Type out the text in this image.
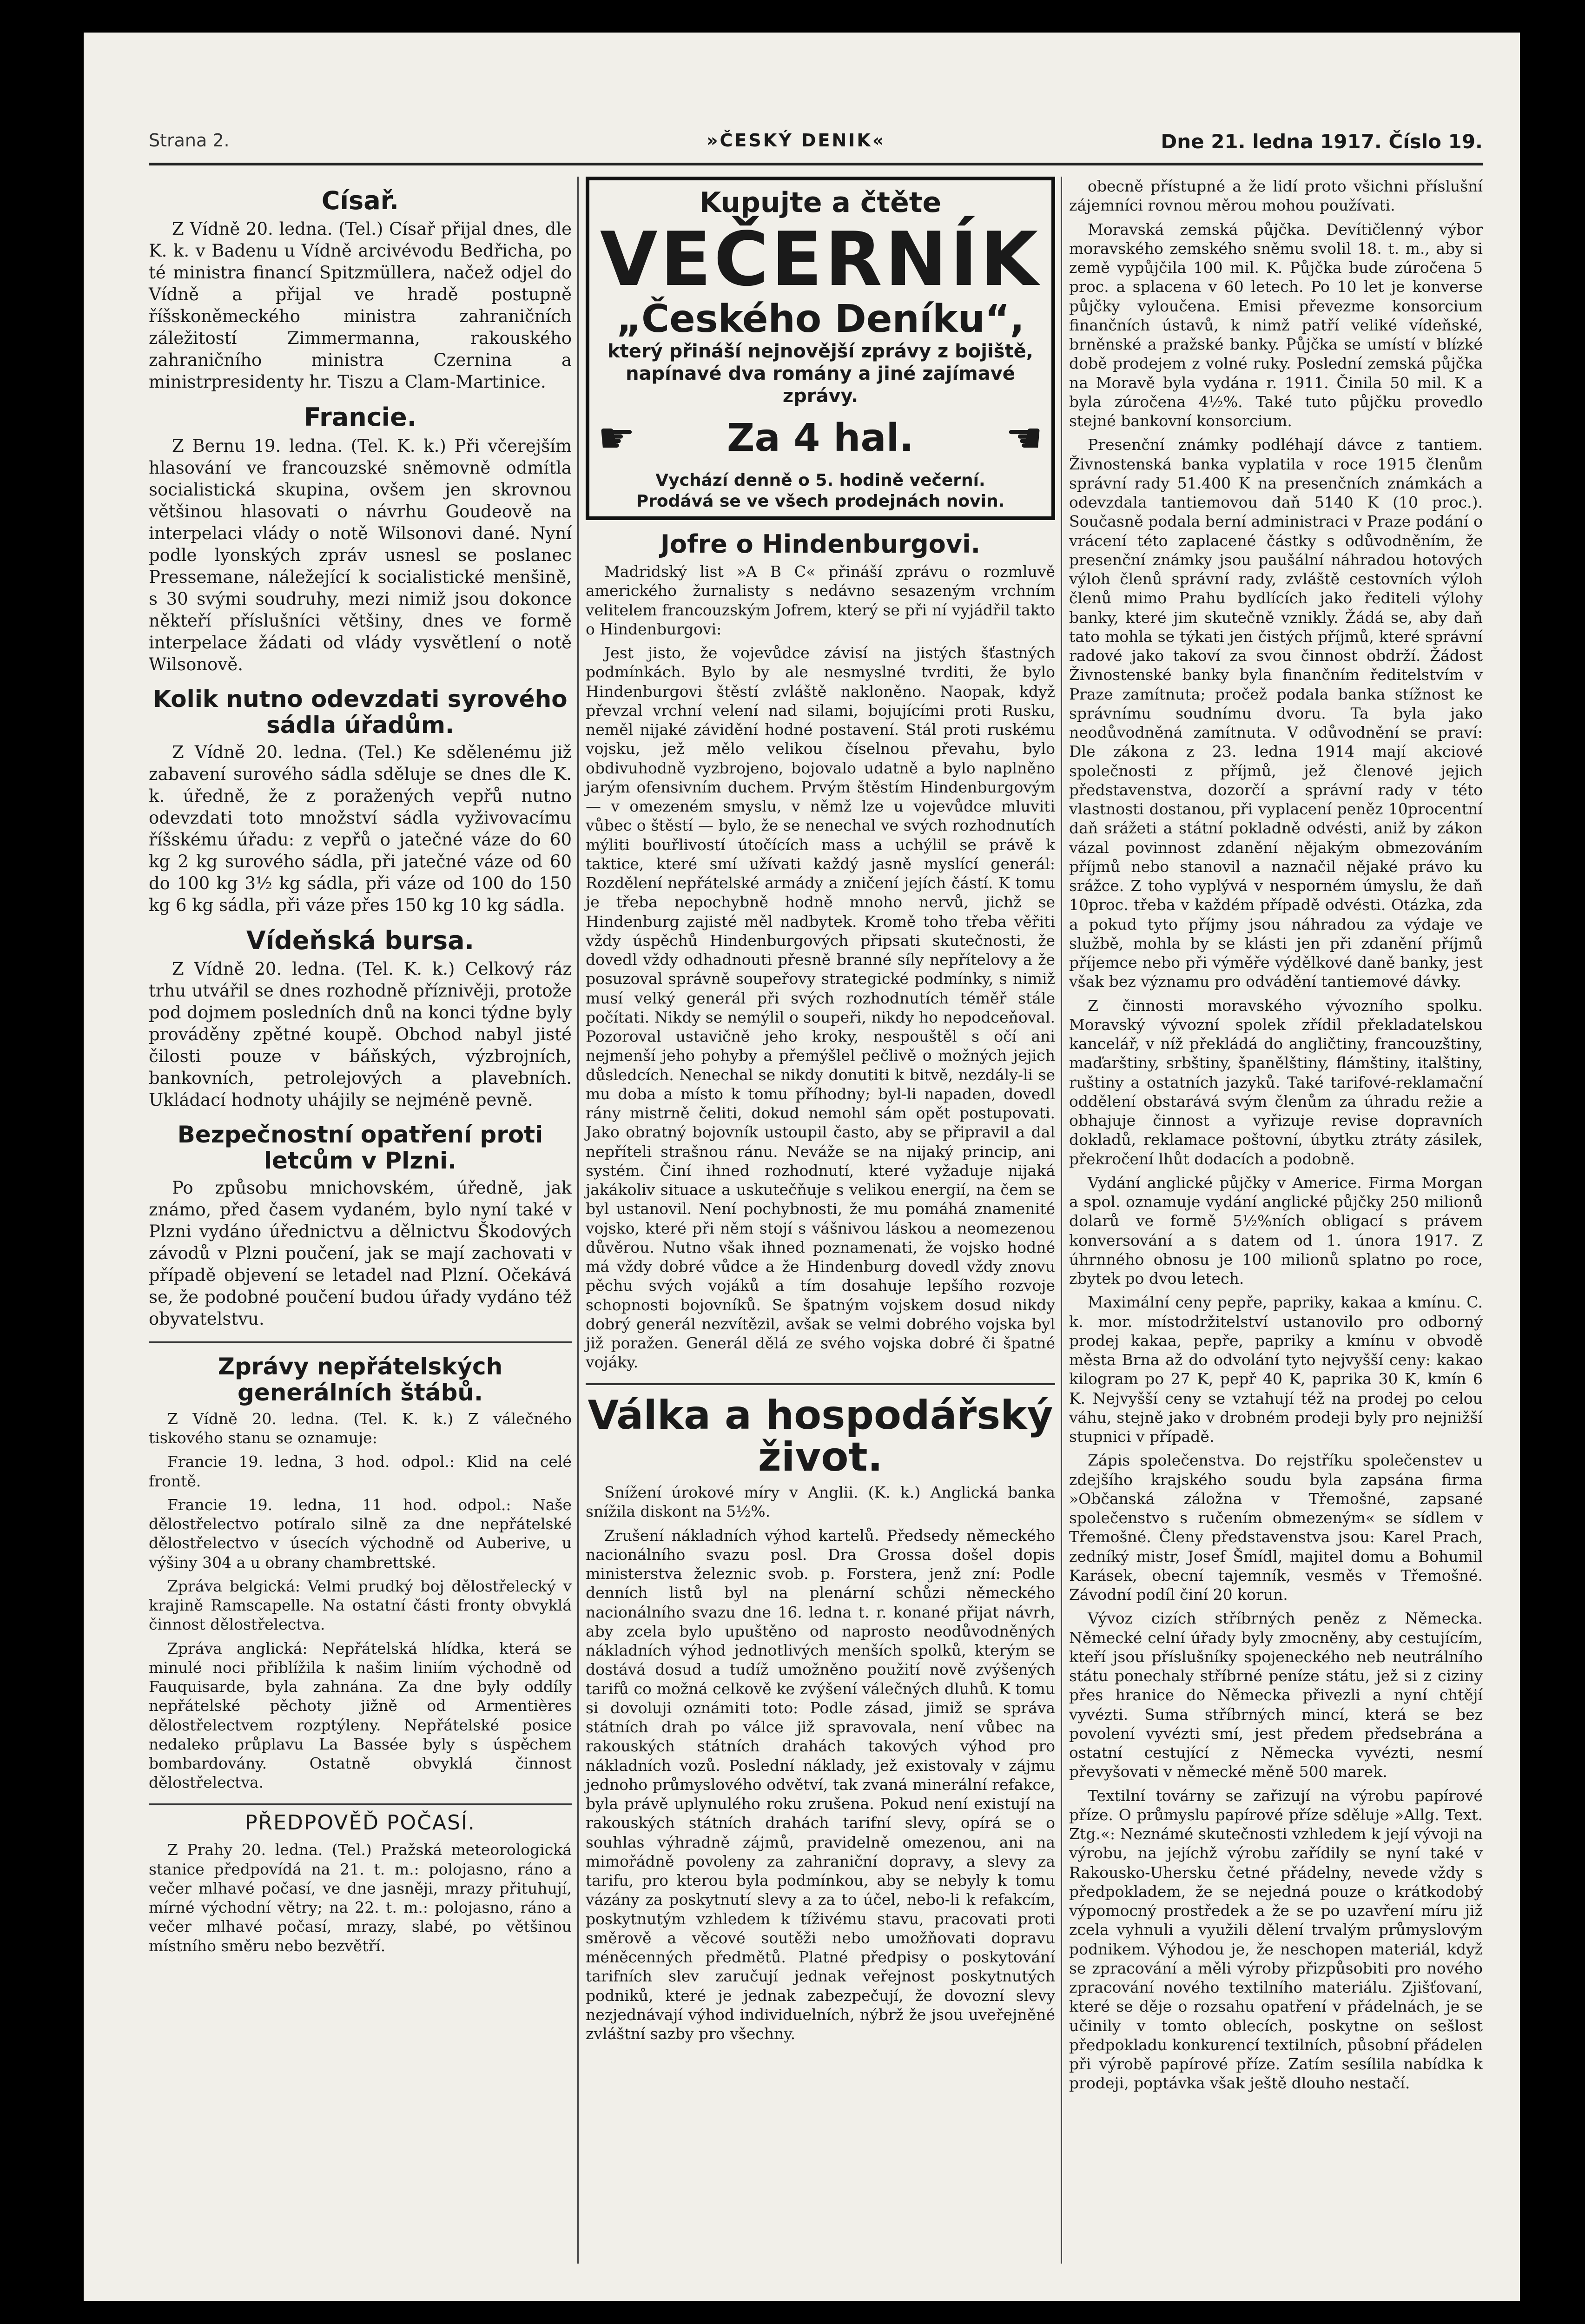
Strana 2.	»ČESKÝ DENIK«	Dne 21. ledna 1917. Číslo 19.
Císař.

Z Vídně 20. ledna. (Tel.) Císař přijal dnes, dle K. k. v Badenu u Vídně arcivévodu Bedřicha, po té ministra financí Spitzmüllera, načež odjel do Vídně a přijal ve hradě postupně říšskoněmeckého ministra zahraničních záležitostí Zimmermanna, rakouského zahraničního ministra Czernina a ministrpresidenty hr. Tiszu a Clam-Martinice.

Francie.

Z Bernu 19. ledna. (Tel. K. k.) Při včerejším hlasování ve francouzské sněmovně odmítla socialistická skupina, ovšem jen skrovnou většinou hlasovati o návrhu Goudeově na interpelaci vlády o notě Wilsonovi dané. Nyní podle lyonských zpráv usnesl se poslanec Pressemane, náležející k socialistické menšině, s 30 svými soudruhy, mezi nimiž jsou dokonce někteří příslušníci většiny, dnes ve formě interpelace žádati od vlády vysvětlení o notě Wilsonově.

Kolik nutno odevzdati syrového sádla úřadům.

Z Vídně 20. ledna. (Tel.) Ke sdělenému již zabavení surového sádla sděluje se dnes dle K. k. úředně, že z poražených vepřů nutno odevzdati toto množství sádla vyživovacímu říšskému úřadu: z vepřů o jatečné váze do 60 kg 2 kg surového sádla, při jatečné váze od 60 do 100 kg 3½ kg sádla, při váze od 100 do 150 kg 6 kg sádla, při váze přes 150 kg 10 kg sádla.

Vídeňská bursa.

Z Vídně 20. ledna. (Tel. K. k.) Celkový ráz trhu utvářil se dnes rozhodně příznivěji, protože pod dojmem posledních dnů na konci týdne byly prováděny zpětné koupě. Obchod nabyl jisté čilosti pouze v báňských, výzbrojních, bankovních, petrolejových a plavebních. Ukládací hodnoty uhájily se nejméně pevně.

Bezpečnostní opatření proti letcům v Plzni.

Po způsobu mnichovském, úředně, jak známo, před časem vydaném, bylo nyní také v Plzni vydáno úřednictvu a dělnictvu Škodových závodů v Plzni poučení, jak se mají zachovati v případě objevení se letadel nad Plzní. Očekává se, že podobné poučení budou úřady vydáno též obyvatelstvu.

Zprávy nepřátelských generálních štábů.

Z Vídně 20. ledna. (Tel. K. k.) Z válečného tiskového stanu se oznamuje:

Francie 19. ledna, 3 hod. odpol.: Klid na celé frontě.

Francie 19. ledna, 11 hod. odpol.: Naše dělostřelectvo potíralo silně za dne nepřátelské dělostřelectvo v úsecích východně od Auberive, u výšiny 304 a u obrany chambrettské.

Zpráva belgická: Velmi prudký boj dělostřelecký v krajině Ramscapelle. Na ostatní části fronty obvyklá činnost dělostřelectva.

Zpráva anglická: Nepřátelská hlídka, která se minulé noci přiblížila k našim liniím východně od Fauquisarde, byla zahnána. Za dne byly oddíly nepřátelské pěchoty jižně od Armentières dělostřelectvem rozptýleny. Nepřátelské posice nedaleko průplavu La Bassée byly s úspěchem bombardovány. Ostatně obvyklá činnost dělostřelectva.

PŘEDPOVĚĎ POČASÍ.

Z Prahy 20. ledna. (Tel.) Pražská meteorologická stanice předpovídá na 21. t. m.: polojasno, ráno a večer mlhavé počasí, ve dne jasněji, mrazy přituhují, mírné východní větry; na 22. t. m.: polojasno, ráno a večer mlhavé počasí, mrazy, slabé, po většinou místního směru nebo bezvětří.

Kupujte a čtěte
VEČERNÍK
„Českého Deníku“,
který přináší nejnovější zprávy z bojiště, napínavé dva romány a jiné zajímavé zprávy.
☛ Za 4 hal. ☚
Vychází denně o 5. hodině večerní.
Prodává se ve všech prodejnách novin.
Jofre o Hindenburgovi.

Madridský list »A B C« přináší zprávu o rozmluvě amerického žurnalisty s nedávno sesazeným vrchním velitelem francouzským Jofrem, který se při ní vyjádřil takto o Hindenburgovi:

Jest jisto, že vojevůdce závisí na jistých šťastných podmínkách. Bylo by ale nesmyslné tvrditi, že bylo Hindenburgovi štěstí zvláště nakloněno. Naopak, když převzal vrchní velení nad silami, bojujícími proti Rusku, neměl nijaké závidění hodné postavení. Stál proti ruskému vojsku, jež mělo velikou číselnou převahu, bylo obdivuhodně vyzbrojeno, bojovalo udatně a bylo naplněno jarým ofensivním duchem. Prvým štěstím Hindenburgovým — v omezeném smyslu, v němž lze u vojevůdce mluviti vůbec o štěstí — bylo, že se nenechal ve svých rozhodnutích mýliti bouřlivostí útočících mass a uchýlil se právě k taktice, které smí užívati každý jasně myslící generál: Rozdělení nepřátelské armády a zničení jejích částí. K tomu je třeba nepochybně hodně mnoho nervů, jichž se Hindenburg zajisté měl nadbytek. Kromě toho třeba věřiti vždy úspěchů Hindenburgových připsati skutečnosti, že dovedl vždy odhadnouti přesně branné síly nepřítelovy a že posuzoval správně soupeřovy strategické podmínky, s nimiž musí velký generál při svých rozhodnutích téměř stále počítati. Nikdy se nemýlil o soupeři, nikdy ho nepodceňoval. Pozoroval ustavičně jeho kroky, nespouštěl s očí ani nejmenší jeho pohyby a přemýšlel pečlivě o možných jejich důsledcích. Nenechal se nikdy donutiti k bitvě, nezdály-li se mu doba a místo k tomu příhodny; byl-li napaden, dovedl rány mistrně čeliti, dokud nemohl sám opět postupovati. Jako obratný bojovník ustoupil často, aby se připravil a dal nepříteli strašnou ránu. Neváže se na nijaký princip, ani systém. Činí ihned rozhodnutí, které vyžaduje nijaká jakákoliv situace a uskutečňuje s velikou energií, na čem se byl ustanovil. Není pochybnosti, že mu pomáhá znamenité vojsko, které při něm stojí s vášnivou láskou a neomezenou důvěrou. Nutno však ihned poznamenati, že vojsko hodné má vždy dobré vůdce a že Hindenburg dovedl vždy znovu pěchu svých vojáků a tím dosahuje lepšího rozvoje schopnosti bojovníků. Se špatným vojskem dosud nikdy dobrý generál nezvítězil, avšak se velmi dobrého vojska byl již poražen. Generál dělá ze svého vojska dobré či špatné vojáky.

Válka a hospodářský život.

Snížení úrokové míry v Anglii. (K. k.) Anglická banka snížila diskont na 5½%.

Zrušení nákladních výhod kartelů. Předsedy německého nacionálního svazu posl. Dra Grossa došel dopis ministerstva železnic svob. p. Forstera, jenž zní: Podle denních listů byl na plenární schůzi německého nacionálního svazu dne 16. ledna t. r. konané přijat návrh, aby zcela bylo upuštěno od naprosto neodůvodněných nákladních výhod jednotlivých menších spolků, kterým se dostává dosud a tudíž umožněno použití nově zvýšených tarifů co možná celkově ke zvýšení válečných dluhů. K tomu si dovoluji oznámiti toto: Podle zásad, jimiž se správa státních drah po válce již spravovala, není vůbec na rakouských státních drahách takových výhod pro nákladních vozů. Poslední náklady, jež existovaly v zájmu jednoho průmyslového odvětví, tak zvaná minerální refakce, byla právě uplynulého roku zrušena. Pokud není existují na rakouských státních drahách tarifní slevy, opírá se o souhlas výhradně zájmů, pravidelně omezenou, ani na mimořádně povoleny za zahraniční dopravy, a slevy za tarifu, pro kterou byla podmínkou, aby se nebyly k tomu vázány za poskytnutí slevy a za to účel, nebo-li k refakcím, poskytnutým vzhledem k tíživému stavu, pracovati proti směrově a věcové soutěži nebo umožňovati dopravu méněcenných předmětů. Platné předpisy o poskytování tarifních slev zaručují jednak veřejnost poskytnutých podniků, které je jednak zabezpečují, že dovozní slevy nezjednávají výhod individuelních, nýbrž že jsou uveřejněné zvláštní sazby pro všechny.

obecně přístupné a že lidí proto všichni příslušní zájemníci rovnou měrou mohou používati.

Moravská zemská půjčka. Devítičlenný výbor moravského zemského sněmu svolil 18. t. m., aby si země vypůjčila 100 mil. K. Půjčka bude zúročena 5 proc. a splacena v 60 letech. Po 10 let je konverse půjčky vyloučena. Emisi převezme konsorcium finančních ústavů, k nimž patří veliké vídeňské, brněnské a pražské banky. Půjčka se umístí v blízké době prodejem z volné ruky. Poslední zemská půjčka na Moravě byla vydána r. 1911. Činila 50 mil. K a byla zúročena 4½%. Také tuto půjčku provedlo stejné bankovní konsorcium.

Presenční známky podléhají dávce z tantiem. Živnostenská banka vyplatila v roce 1915 členům správní rady 51.400 K na presenčních známkách a odevzdala tantiemovou daň 5140 K (10 proc.). Současně podala berní administraci v Praze podání o vrácení této zaplacené částky s odůvodněním, že presenční známky jsou paušální náhradou hotových výloh členů správní rady, zvláště cestovních výloh členů mimo Prahu bydlících jako řediteli výlohy banky, které jim skutečně vznikly. Žádá se, aby daň tato mohla se týkati jen čistých příjmů, které správní radové jako takoví za svou činnost obdrží. Žádost Živnostenské banky byla finančním ředitelstvím v Praze zamítnuta; pročež podala banka stížnost ke správnímu soudnímu dvoru. Ta byla jako neodůvodněná zamítnuta. V odůvodnění se praví: Dle zákona z 23. ledna 1914 mají akciové společnosti z příjmů, jež členové jejich představenstva, dozorčí a správní rady v této vlastnosti dostanou, při vyplacení peněz 10procentní daň srážeti a státní pokladně odvésti, aniž by zákon vázal povinnost zdanění nějakým obmezováním příjmů nebo stanovil a naznačil nějaké právo ku srážce. Z toho vyplývá v nesporném úmyslu, že daň 10proc. třeba v každém případě odvésti. Otázka, zda a pokud tyto příjmy jsou náhradou za výdaje ve službě, mohla by se klásti jen při zdanění příjmů příjemce nebo při výměře výdělkové daně banky, jest však bez významu pro odvádění tantiemové dávky.

Z činnosti moravského vývozního spolku. Moravský vývozní spolek zřídil překladatelskou kancelář, v níž překládá do angličtiny, francouzštiny, maďarštiny, srbštiny, španělštiny, flámštiny, italštiny, ruštiny a ostatních jazyků. Také tarifové-reklamační oddělení obstarává svým členům za úhradu režie a obhajuje činnost a vyřizuje revise dopravních dokladů, reklamace poštovní, úbytku ztráty zásilek, překročení lhůt dodacích a podobně.

Vydání anglické půjčky v Americe. Firma Morgan a spol. oznamuje vydání anglické půjčky 250 milionů dolarů ve formě 5½%ních obligací s právem konversování a s datem od 1. února 1917. Z úhrnného obnosu je 100 milionů splatno po roce, zbytek po dvou letech.

Maximální ceny pepře, papriky, kakaa a kmínu. C. k. mor. místodržitelství ustanovilo pro odborný prodej kakaa, pepře, papriky a kmínu v obvodě města Brna až do odvolání tyto nejvyšší ceny: kakao kilogram po 27 K, pepř 40 K, paprika 30 K, kmín 6 K. Nejvyšší ceny se vztahují též na prodej po celou váhu, stejně jako v drobném prodeji byly pro nejnižší stupnici v případě.

Zápis společenstva. Do rejstříku společenstev u zdejšího krajského soudu byla zapsána firma »Občanská záložna v Třemošné, zapsané společenstvo s ručením obmezeným« se sídlem v Třemošné. Členy představenstva jsou: Karel Prach, zedníký mistr, Josef Šmídl, majitel domu a Bohumil Karásek, obecní tajemník, vesměs v Třemošné. Závodní podíl činí 20 korun.

Vývoz cizích stříbrných peněz z Německa. Německé celní úřady byly zmocněny, aby cestujícím, kteří jsou příslušníky spojeneckého neb neutrálního státu ponechaly stříbrné peníze státu, jež si z ciziny přes hranice do Německa přivezli a nyní chtějí vyvézti. Suma stříbrných mincí, která se bez povolení vyvézti smí, jest předem předsebrána a ostatní cestující z Německa vyvézti, nesmí převyšovati v německé měně 500 marek.

Textilní továrny se zařizují na výrobu papírové příze. O průmyslu papírové příze sděluje »Allg. Text. Ztg.«: Neznámé skutečnosti vzhledem k její vývoji na výrobu, na jejíchž výrobu zařídily se nyní také v Rakousko-Uhersku četné přádelny, nevede vždy s předpokladem, že se nejedná pouze o krátkodobý výpomocný prostředek a že se po uzavření míru již zcela vyhnuli a využili dělení trvalým průmyslovým podnikem. Výhodou je, že neschopen materiál, když se zpracování a měli výroby přizpůsobiti pro nového zpracování nového textilního materiálu. Zjišťovaní, které se děje o rozsahu opatření v přádelnách, je se učinily v tomto oblecích, poskytne on sešlost předpokladu konkurencí textilních, působní přádelen při výrobě papírové příze. Zatím sesílila nabídka k prodeji, poptávka však ještě dlouho nestačí.
